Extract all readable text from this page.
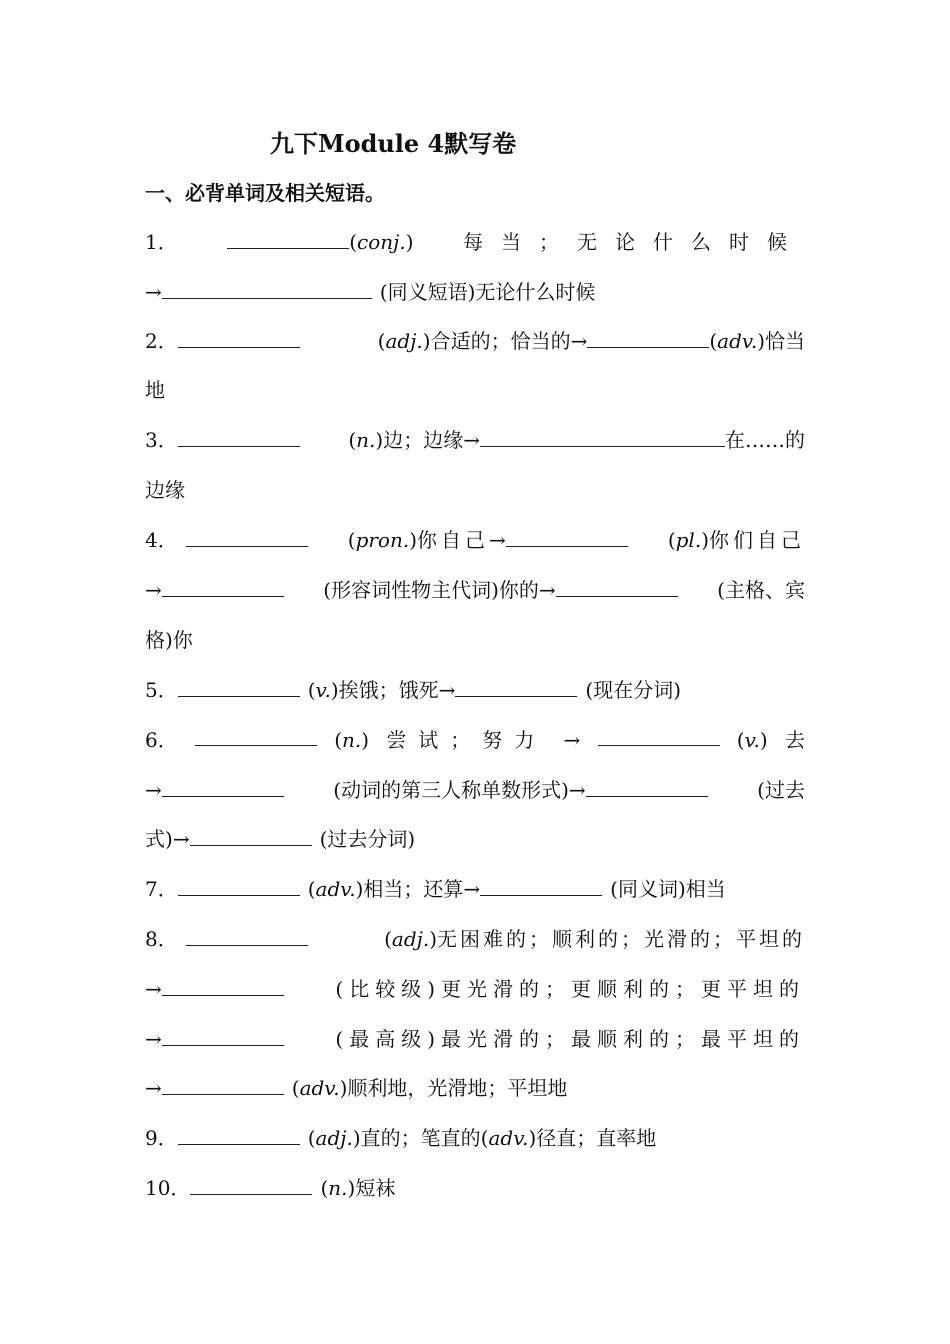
九下Module 4默写卷
一、必背单词及相关短语。
1．	(conj.) 每当；无论什么时候
→	(同义短语)无论什么时候
2．	(adj.)合适的；恰当的→	(adv.)恰当
地
3．	(n.)边；边缘→	在……的
边缘
4．	(pron.)你自己→	(pl.)你们自己
→	(形容词性物主代词)你的→	(主格、宾
格)你
5．	(v.)挨饿；饿死→	(现在分词)
6．	(n.) 尝试；努力 →	(v.) 去
→	(动词的第三人称单数形式)→	(过去
式)→	(过去分词)
7．	(adv.)相当；还算→	(同义词)相当
8．	(adj.)无困难的；顺利的；光滑的；平坦的
→	(比较级)更光滑的；更顺利的；更平坦的
→	(最高级)最光滑的；最顺利的；最平坦的
→	(adv.)顺利地，光滑地；平坦地
9．	(adj.)直的；笔直的(adv.)径直；直率地
10．	(n.)短袜
